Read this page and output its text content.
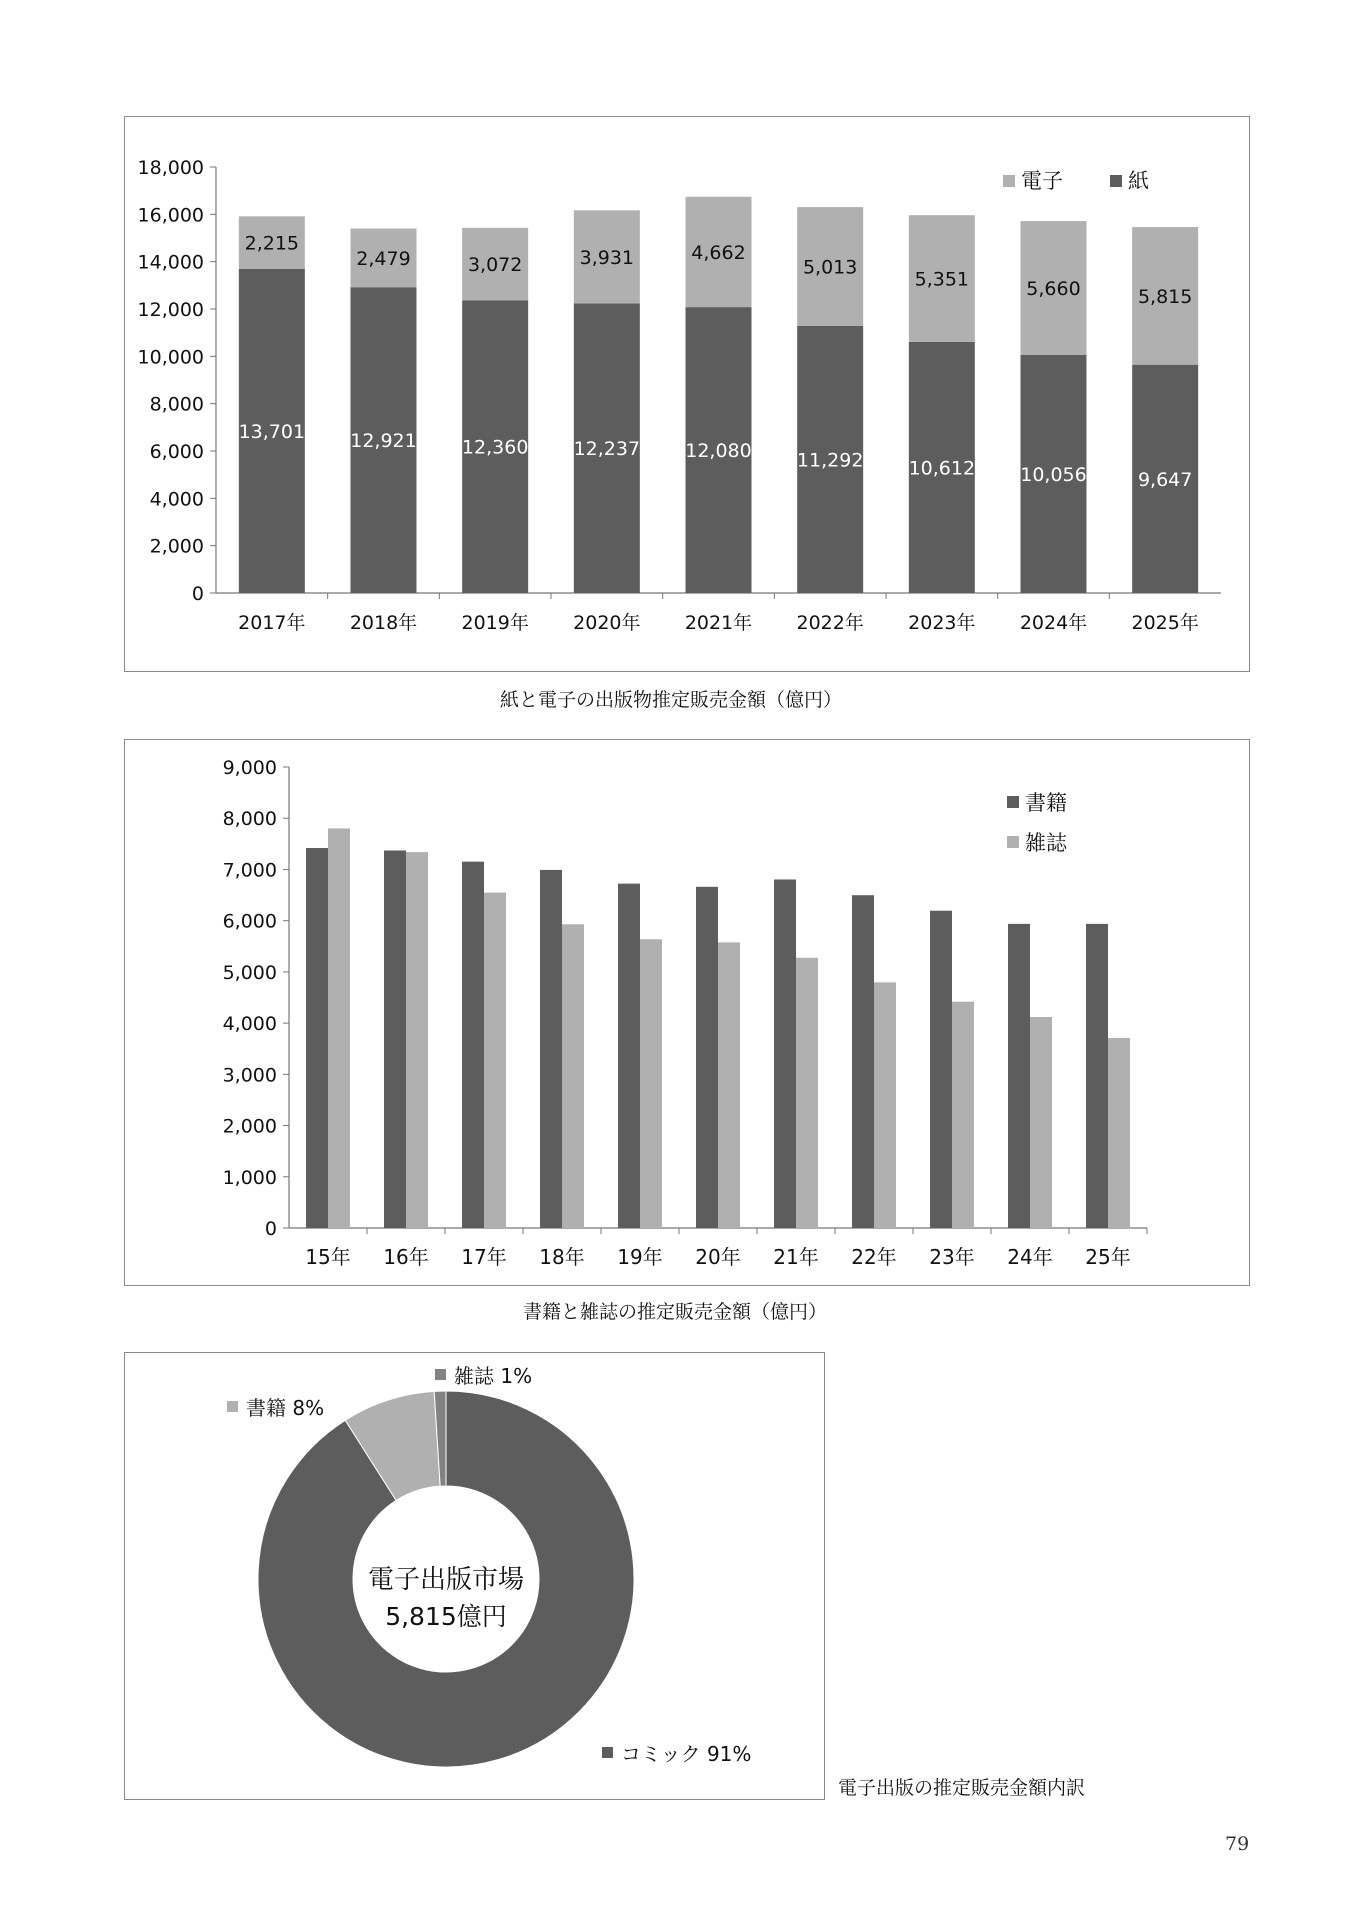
0
2,000
4,000
6,000
8,000
10,000
12,000
14,000
16,000
18,000
13,701
2,215
2017年
12,921
2,479
2018年
12,360
3,072
2019年
12,237
3,931
2020年
12,080
4,662
2021年
11,292
5,013
2022年
10,612
5,351
2023年
10,056
5,660
2024年
9,647
5,815
2025年
電子	紙
紙と電子の出版物推定販売金額（億円）
0
1,000
2,000
3,000
4,000
5,000
6,000
7,000
8,000
9,000
15年 16年 17年 18年 19年 20年 21年 22年 23年 24年 25年
書籍
雑誌
書籍と雑誌の推定販売金額（億円）
コミック 91%
書籍 8%
雑誌 1%
電子出版市場
5,815億円
電子出版の推定販売金額内訳
79
